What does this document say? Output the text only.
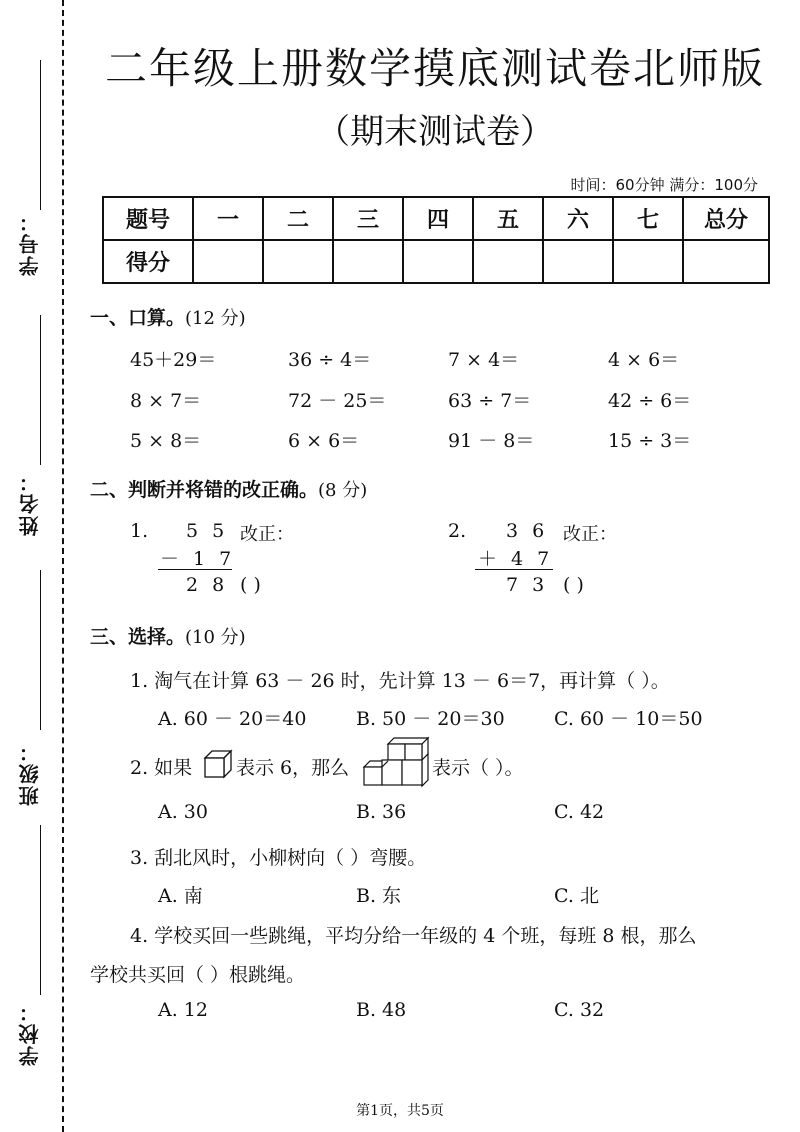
学号：
姓名：
班级：
学校：
二年级上册数学摸底测试卷北师版
（期末测试卷）
时间：60分钟 满分：100分
题号	一	二	三	四	五	六	七	总分
得分								
一、口算。(12 分)
45＋29＝	36 ÷ 4＝	7 × 4＝	4 × 6＝
8 × 7＝	72 － 25＝	63 ÷ 7＝	42 ÷ 6＝
5 × 8＝	6 × 6＝	91 － 8＝	15 ÷ 3＝
二、判断并将错的改正确。(8 分)
1. 5 5 改正：
－ 1 7
2 8 ( )
2. 3 6 改正：
＋ 4 7
7 3 ( )
三、选择。(10 分)
1. 淘气在计算 63 － 26 时，先计算 13 － 6＝7，再计算（ ）。
A. 60 － 20＝40	B. 50 － 20＝30	C. 60 － 10＝50
2. 如果 表示 6，那么	表示（ ）。
A. 30	B. 36	C. 42
3. 刮北风时，小柳树向（ ）弯腰。
A. 南	B. 东	C. 北
4. 学校买回一些跳绳，平均分给一年级的 4 个班，每班 8 根，那么
学校共买回（ ）根跳绳。
A. 12	B. 48	C. 32
第1页，共5页
